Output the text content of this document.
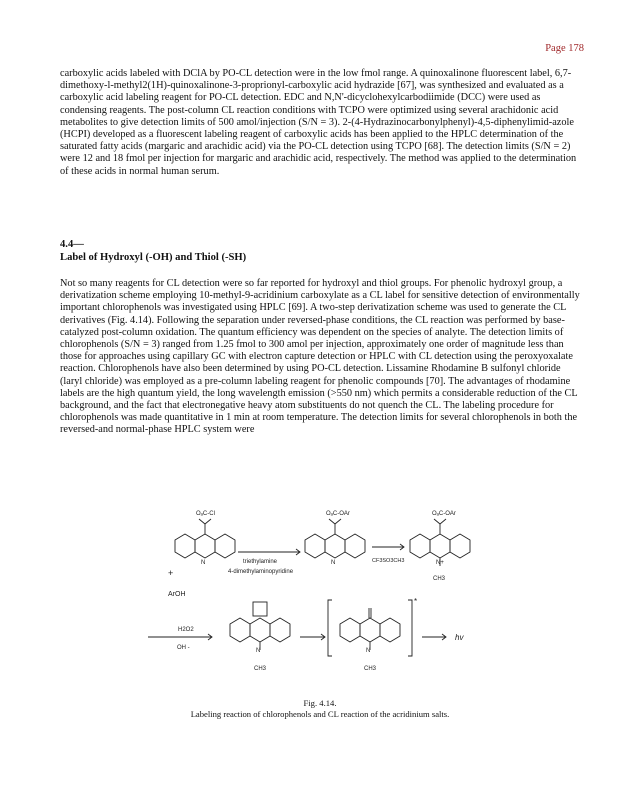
Page 178
carboxylic acids labeled with DClA by PO-CL detection were in the low fmol range. A quinoxalinone fluorescent label, 6,7-dimethoxy-l-methyl2(1H)-quinoxalinone-3-proprionyl-carboxylic acid hydrazide [67], was synthesized and evaluated as a carboxylic acid labeling reagent for PO-CL detection. EDC and N,N'-dicyclohexylcarbodiimide (DCC) were used as condensing reagents. The post-column CL reaction conditions with TCPO were optimized using several arachidonic acid metabolites to give detection limits of 500 amol/injection (S/N = 3). 2-(4-Hydrazinocarbonylphenyl)-4,5-diphenylimid-azole (HCPI) developed as a fluorescent labeling reagent of carboxylic acids has been applied to the HPLC determination of the saturated fatty acids (margaric and arachidic acid) via the PO-CL detection using TCPO [68]. The detection limits (S/N = 2) were 12 and 18 fmol per injection for margaric and arachidic acid, respectively. The method was applied to the determination of these acids in normal human serum.
4.4—
Label of Hydroxyl (-OH) and Thiol (-SH)
Not so many reagents for CL detection were so far reported for hydroxyl and thiol groups. For phenolic hydroxyl group, a derivatization scheme employing 10-methyl-9-acridinium carboxylate as a CL label for sensitive detection of environmentally important chlorophenols was investigated using HPLC [69]. A two-step derivatization scheme was used to generate the CL derivatives (Fig. 4.14). Following the separation under reversed-phase conditions, the CL reaction was performed by base-catalyzed post-column oxidation. The quantum efficiency was dependent on the species of analyte. The detection limits of chlorophenols (S/N = 3) ranged from 1.25 fmol to 300 amol per injection, approximately one order of magnitude less than those for approaches using capillary GC with electron capture detection or HPLC with CL detection using the peroxyoxalate reaction. Chlorophenols have also been determined by using PO-CL detection. Lissamine Rhodamine B sulfonyl chloride (laryl chloride) was employed as a pre-column labeling reagent for phenolic compounds [70]. The advantages of rhodamine labels are the high quantum yield, the long wavelength emission (>550 nm) which permits a considerable reduction of the CL background, and the fact that electronegative heavy atom substituents do not quench the CL. The labeling procedure for chlorophenols was made quantitative in 1 min at room temperature. The detection limits for several chlorophenols in both the reversed-and normal-phase HPLC system were
OₐC-Cl
N
+
ArOH
triethylamine
4-dimethylaminopyridine
OₐC-OAr
N	CF3SO3CH3
OₐC-OAr
N+
CH3
H2O2
OH -	N
CH3
N
CH3
*
hv
Fig. 4.14.
Labeling reaction of chlorophenols and CL reaction of the acridinium salts.
